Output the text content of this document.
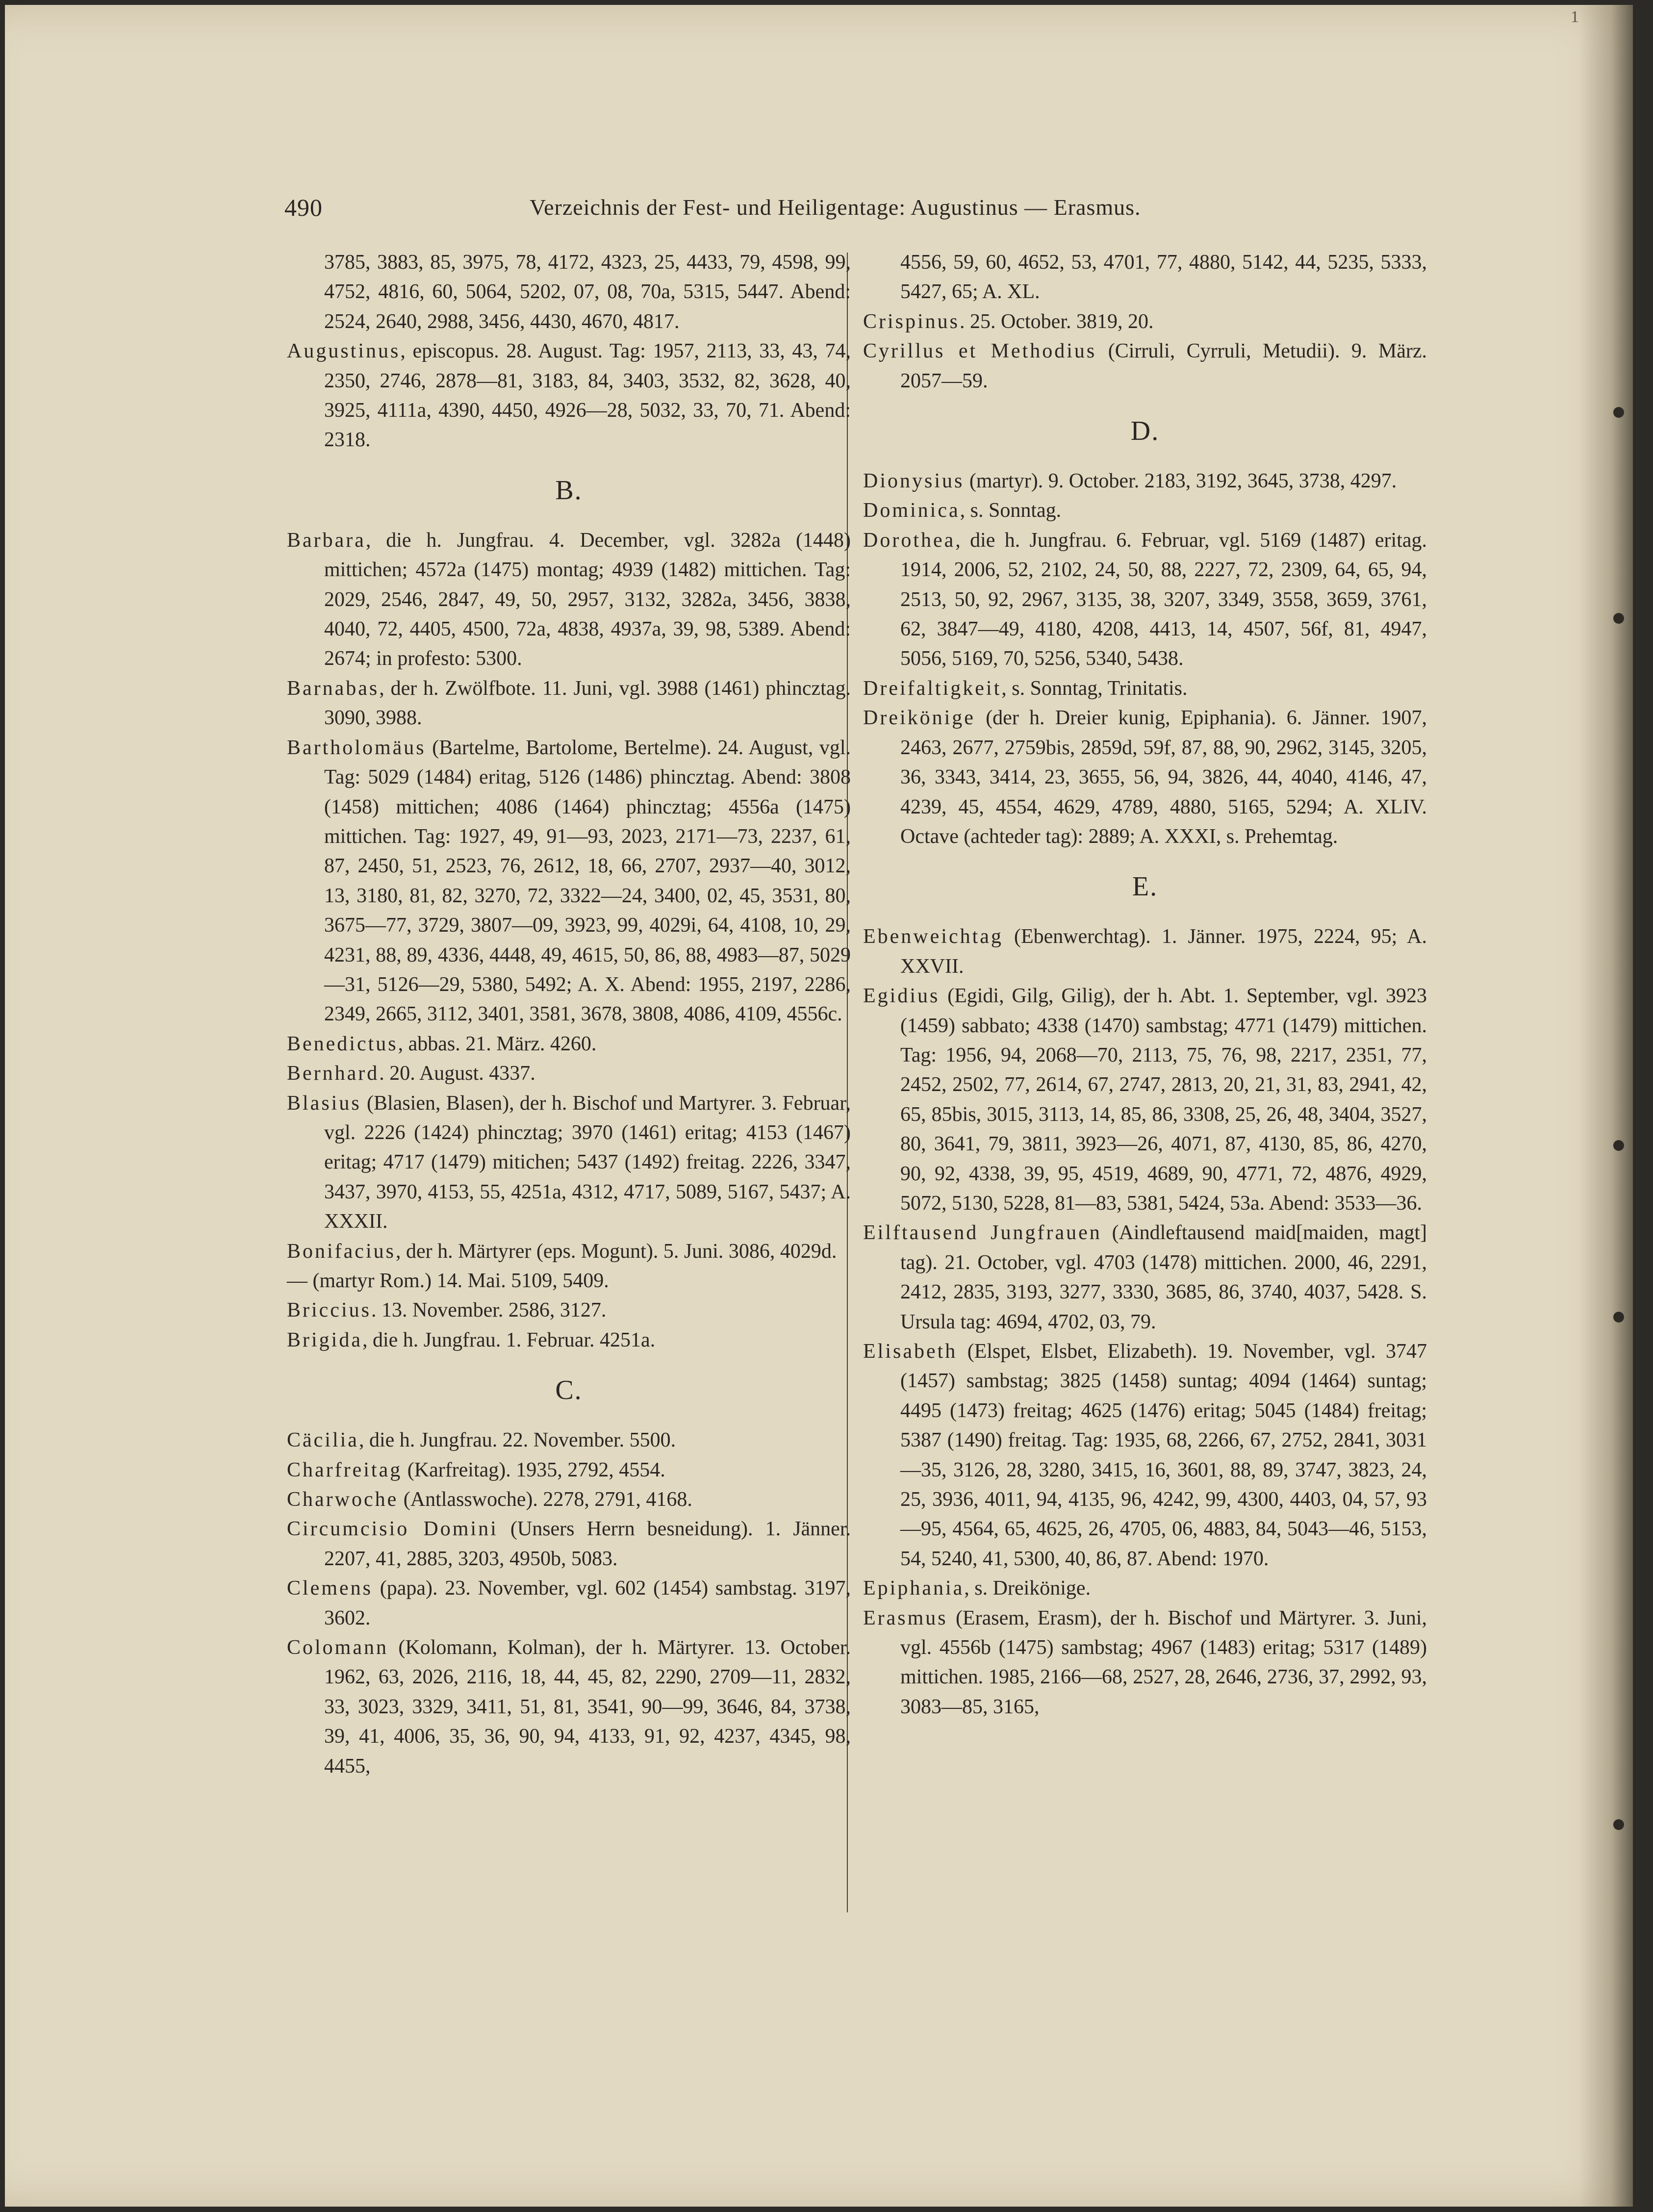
1
490	Verzeichnis der Fest- und Heiligentage: Augustinus — Erasmus.
3785, 3883, 85, 3975, 78, 4172, 4323, 25, 4433, 79, 4598, 99, 4752, 4816, 60, 5064, 5202, 07, 08, 70a, 5315, 5447. Abend: 2524, 2640, 2988, 3456, 4430, 4670, 4817.
Augustinus, episcopus. 28. August. Tag: 1957, 2113, 33, 43, 74, 2350, 2746, 2878—81, 3183, 84, 3403, 3532, 82, 3628, 40, 3925, 4111a, 4390, 4450, 4926—28, 5032, 33, 70, 71. Abend: 2318.
B.
Barbara, die h. Jungfrau. 4. December, vgl. 3282a (1448) mittichen; 4572a (1475) montag; 4939 (1482) mittichen. Tag: 2029, 2546, 2847, 49, 50, 2957, 3132, 3282a, 3456, 3838, 4040, 72, 4405, 4500, 72a, 4838, 4937a, 39, 98, 5389. Abend: 2674; in profesto: 5300.
Barnabas, der h. Zwölfbote. 11. Juni, vgl. 3988 (1461) phincztag. 3090, 3988.
Bartholomäus (Bartelme, Bartolome, Bertelme). 24. August, vgl. Tag: 5029 (1484) eritag, 5126 (1486) phincztag. Abend: 3808 (1458) mittichen; 4086 (1464) phincztag; 4556a (1475) mittichen. Tag: 1927, 49, 91—93, 2023, 2171—73, 2237, 61, 87, 2450, 51, 2523, 76, 2612, 18, 66, 2707, 2937—40, 3012, 13, 3180, 81, 82, 3270, 72, 3322—24, 3400, 02, 45, 3531, 80, 3675—77, 3729, 3807—09, 3923, 99, 4029i, 64, 4108, 10, 29, 4231, 88, 89, 4336, 4448, 49, 4615, 50, 86, 88, 4983—87, 5029—31, 5126—29, 5380, 5492; A. X. Abend: 1955, 2197, 2286, 2349, 2665, 3112, 3401, 3581, 3678, 3808, 4086, 4109, 4556c.
Benedictus, abbas. 21. März. 4260.
Bernhard. 20. August. 4337.
Blasius (Blasien, Blasen), der h. Bischof und Martyrer. 3. Februar, vgl. 2226 (1424) phincztag; 3970 (1461) eritag; 4153 (1467) eritag; 4717 (1479) mitichen; 5437 (1492) freitag. 2226, 3347, 3437, 3970, 4153, 55, 4251a, 4312, 4717, 5089, 5167, 5437; A. XXXII.
Bonifacius, der h. Märtyrer (eps. Mogunt). 5. Juni. 3086, 4029d.
— (martyr Rom.) 14. Mai. 5109, 5409.
Briccius. 13. November. 2586, 3127.
Brigida, die h. Jungfrau. 1. Februar. 4251a.
C.
Cäcilia, die h. Jungfrau. 22. November. 5500.
Charfreitag (Karfreitag). 1935, 2792, 4554.
Charwoche (Antlasswoche). 2278, 2791, 4168.
Circumcisio Domini (Unsers Herrn besneidung). 1. Jänner. 2207, 41, 2885, 3203, 4950b, 5083.
Clemens (papa). 23. November, vgl. 602 (1454) sambstag. 3197, 3602.
Colomann (Kolomann, Kolman), der h. Märtyrer. 13. October. 1962, 63, 2026, 2116, 18, 44, 45, 82, 2290, 2709—11, 2832, 33, 3023, 3329, 3411, 51, 81, 3541, 90—99, 3646, 84, 3738, 39, 41, 4006, 35, 36, 90, 94, 4133, 91, 92, 4237, 4345, 98, 4455,
4556, 59, 60, 4652, 53, 4701, 77, 4880, 5142, 44, 5235, 5333, 5427, 65; A. XL.
Crispinus. 25. October. 3819, 20.
Cyrillus et Methodius (Cirruli, Cyrruli, Metudii). 9. März. 2057—59.
D.
Dionysius (martyr). 9. October. 2183, 3192, 3645, 3738, 4297.
Dominica, s. Sonntag.
Dorothea, die h. Jungfrau. 6. Februar, vgl. 5169 (1487) eritag. 1914, 2006, 52, 2102, 24, 50, 88, 2227, 72, 2309, 64, 65, 94, 2513, 50, 92, 2967, 3135, 38, 3207, 3349, 3558, 3659, 3761, 62, 3847—49, 4180, 4208, 4413, 14, 4507, 56f, 81, 4947, 5056, 5169, 70, 5256, 5340, 5438.
Dreifaltigkeit, s. Sonntag, Trinitatis.
Dreikönige (der h. Dreier kunig, Epiphania). 6. Jänner. 1907, 2463, 2677, 2759bis, 2859d, 59f, 87, 88, 90, 2962, 3145, 3205, 36, 3343, 3414, 23, 3655, 56, 94, 3826, 44, 4040, 4146, 47, 4239, 45, 4554, 4629, 4789, 4880, 5165, 5294; A. XLIV. Octave (achteder tag): 2889; A. XXXI, s. Prehemtag.
E.
Ebenweichtag (Ebenwerchtag). 1. Jänner. 1975, 2224, 95; A. XXVII.
Egidius (Egidi, Gilg, Gilig), der h. Abt. 1. September, vgl. 3923 (1459) sabbato; 4338 (1470) sambstag; 4771 (1479) mittichen. Tag: 1956, 94, 2068—70, 2113, 75, 76, 98, 2217, 2351, 77, 2452, 2502, 77, 2614, 67, 2747, 2813, 20, 21, 31, 83, 2941, 42, 65, 85bis, 3015, 3113, 14, 85, 86, 3308, 25, 26, 48, 3404, 3527, 80, 3641, 79, 3811, 3923—26, 4071, 87, 4130, 85, 86, 4270, 90, 92, 4338, 39, 95, 4519, 4689, 90, 4771, 72, 4876, 4929, 5072, 5130, 5228, 81—83, 5381, 5424, 53a. Abend: 3533—36.
Eilftausend Jungfrauen (Aindleftausend maid[maiden, magt] tag). 21. October, vgl. 4703 (1478) mittichen. 2000, 46, 2291, 2412, 2835, 3193, 3277, 3330, 3685, 86, 3740, 4037, 5428. S. Ursula tag: 4694, 4702, 03, 79.
Elisabeth (Elspet, Elsbet, Elizabeth). 19. November, vgl. 3747 (1457) sambstag; 3825 (1458) suntag; 4094 (1464) suntag; 4495 (1473) freitag; 4625 (1476) eritag; 5045 (1484) freitag; 5387 (1490) freitag. Tag: 1935, 68, 2266, 67, 2752, 2841, 3031—35, 3126, 28, 3280, 3415, 16, 3601, 88, 89, 3747, 3823, 24, 25, 3936, 4011, 94, 4135, 96, 4242, 99, 4300, 4403, 04, 57, 93—95, 4564, 65, 4625, 26, 4705, 06, 4883, 84, 5043—46, 5153, 54, 5240, 41, 5300, 40, 86, 87. Abend: 1970.
Epiphania, s. Dreikönige.
Erasmus (Erasem, Erasm), der h. Bischof und Märtyrer. 3. Juni, vgl. 4556b (1475) sambstag; 4967 (1483) eritag; 5317 (1489) mittichen. 1985, 2166—68, 2527, 28, 2646, 2736, 37, 2992, 93, 3083—85, 3165,
